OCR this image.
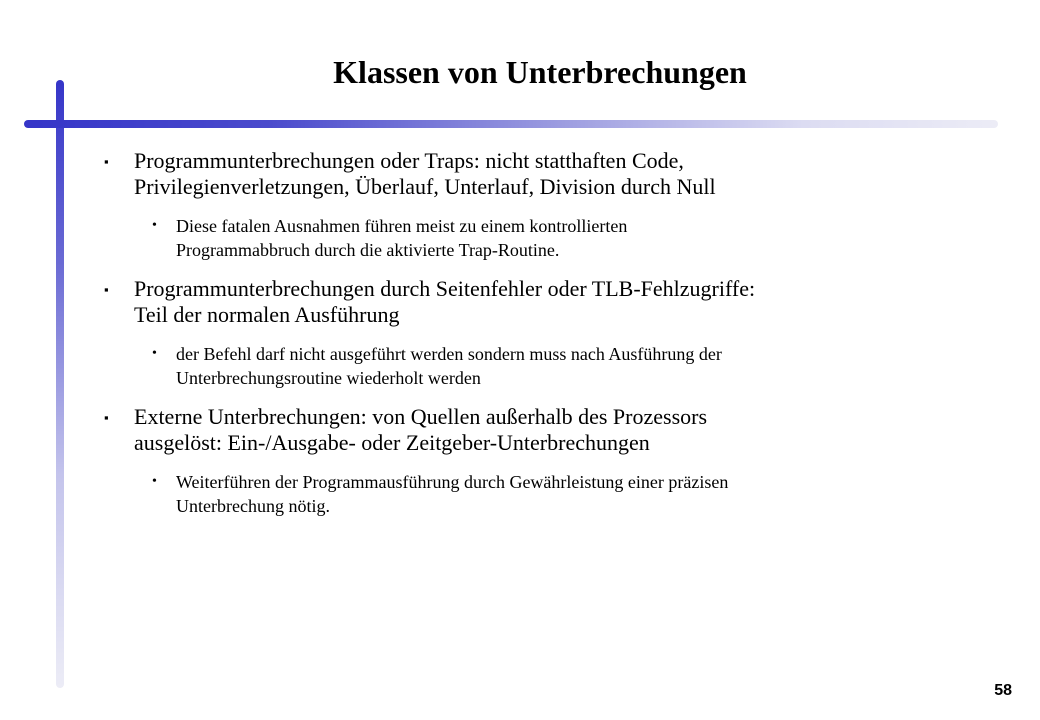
Klassen von Unterbrechungen
▪	Programmunterbrechungen oder Traps: nicht statthaften Code,
Privilegienverletzungen, Überlauf, Unterlauf, Division durch Null
•	Diese fatalen Ausnahmen führen meist zu einem kontrollierten
Programmabbruch durch die aktivierte Trap-Routine.
▪	Programmunterbrechungen durch Seitenfehler oder TLB-Fehlzugriffe:
Teil der normalen Ausführung
•	der Befehl darf nicht ausgeführt werden sondern muss nach Ausführung der
Unterbrechungsroutine wiederholt werden
▪	Externe Unterbrechungen: von Quellen außerhalb des Prozessors
ausgelöst: Ein-/Ausgabe- oder Zeitgeber-Unterbrechungen
•	Weiterführen der Programmausführung durch Gewährleistung einer präzisen
Unterbrechung nötig.
58
